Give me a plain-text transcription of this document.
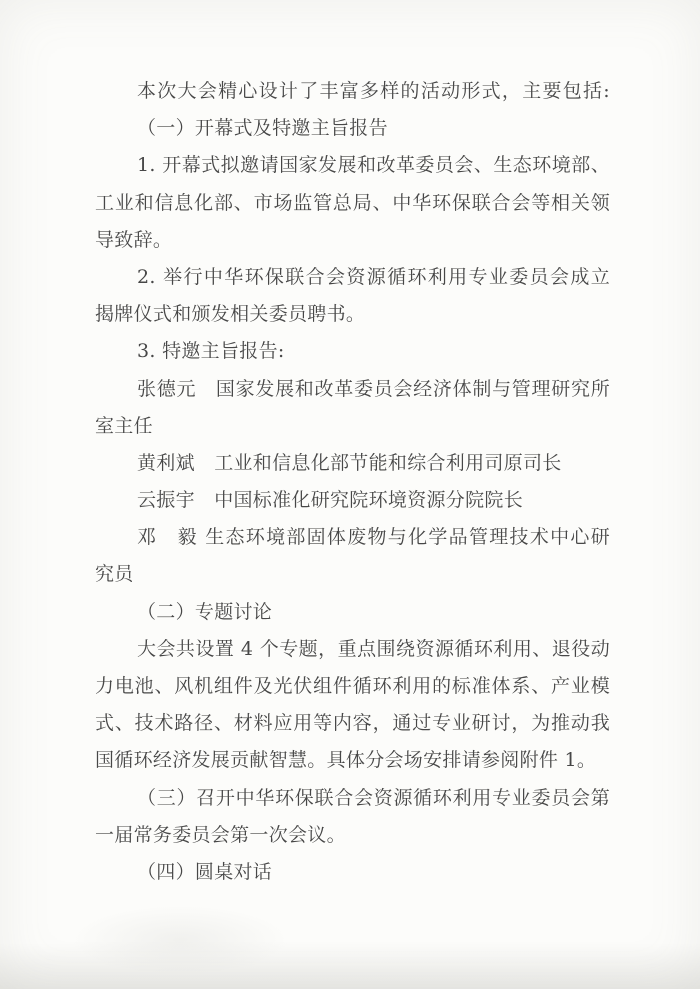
本次大会精心设计了丰富多样的活动形式，主要包括:
（一）开幕式及特邀主旨报告
1. 开幕式拟邀请国家发展和改革委员会、生态环境部、
工业和信息化部、市场监管总局、中华环保联合会等相关领
导致辞。
2. 举行中华环保联合会资源循环利用专业委员会成立
揭牌仪式和颁发相关委员聘书。
3. 特邀主旨报告:
张德元　国家发展和改革委员会经济体制与管理研究所
室主任
黄利斌　工业和信息化部节能和综合利用司原司长
云振宇　中国标准化研究院环境资源分院院长
邓　毅 生态环境部固体废物与化学品管理技术中心研
究员
（二）专题讨论
大会共设置 4 个专题，重点围绕资源循环利用、退役动
力电池、风机组件及光伏组件循环利用的标准体系、产业模
式、技术路径、材料应用等内容，通过专业研讨，为推动我
国循环经济发展贡献智慧。具体分会场安排请参阅附件 1。
（三）召开中华环保联合会资源循环利用专业委员会第
一届常务委员会第一次会议。
（四）圆桌对话
